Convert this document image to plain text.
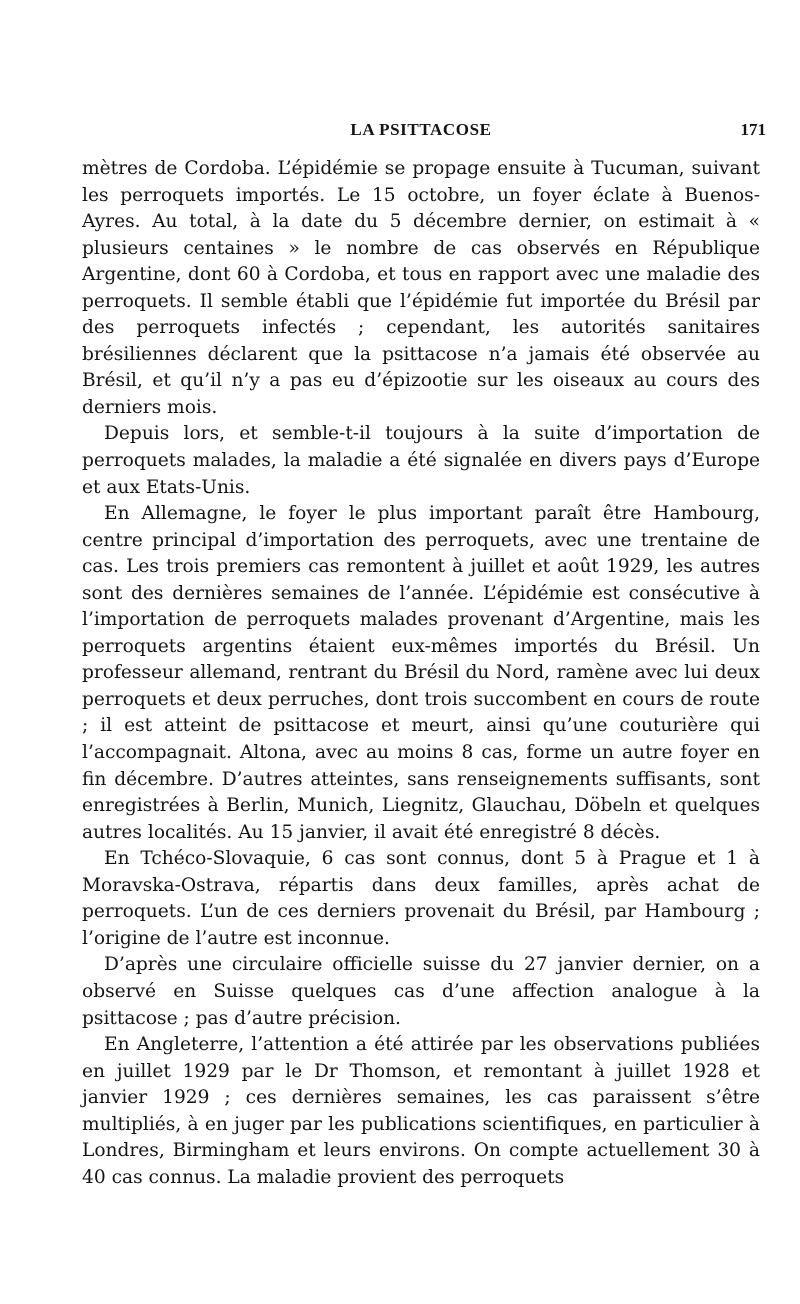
LA PSITTACOSE	171

mètres de Cordoba. L’épidémie se propage ensuite à Tucuman, suivant les perroquets importés. Le 15 octobre, un foyer éclate à Buenos-Ayres. Au total, à la date du 5 décembre dernier, on estimait à « plusieurs centaines » le nombre de cas observés en République Argentine, dont 60 à Cordoba, et tous en rapport avec une maladie des perroquets. Il semble établi que l’épidémie fut importée du Brésil par des perroquets infectés ; cependant, les autorités sanitaires brésiliennes déclarent que la psittacose n’a jamais été observée au Brésil, et qu’il n’y a pas eu d’épizootie sur les oiseaux au cours des derniers mois.

Depuis lors, et semble-t-il toujours à la suite d’importation de perroquets malades, la maladie a été signalée en divers pays d’Europe et aux Etats-Unis.

En Allemagne, le foyer le plus important paraît être Hambourg, centre principal d’importation des perroquets, avec une trentaine de cas. Les trois premiers cas remontent à juillet et août 1929, les autres sont des dernières semaines de l’année. L’épidémie est consécutive à l’importation de perroquets malades provenant d’Argentine, mais les perroquets argentins étaient eux-mêmes importés du Brésil. Un professeur allemand, rentrant du Brésil du Nord, ramène avec lui deux perroquets et deux perruches, dont trois succombent en cours de route ; il est atteint de psittacose et meurt, ainsi qu’une couturière qui l’accompagnait. Altona, avec au moins 8 cas, forme un autre foyer en fin décembre. D’autres atteintes, sans renseignements suffisants, sont enregistrées à Berlin, Munich, Liegnitz, Glauchau, Döbeln et quelques autres localités. Au 15 janvier, il avait été enregistré 8 décès.

En Tchéco-Slovaquie, 6 cas sont connus, dont 5 à Prague et 1 à Moravska-Ostrava, répartis dans deux familles, après achat de perroquets. L’un de ces derniers provenait du Brésil, par Hambourg ; l’origine de l’autre est inconnue.

D’après une circulaire officielle suisse du 27 janvier dernier, on a observé en Suisse quelques cas d’une affection analogue à la psittacose ; pas d’autre précision.

En Angleterre, l’attention a été attirée par les observations publiées en juillet 1929 par le Dr Thomson, et remontant à juillet 1928 et janvier 1929 ; ces dernières semaines, les cas paraissent s’être multipliés, à en juger par les publications scientifiques, en particulier à Londres, Birmingham et leurs environs. On compte actuellement 30 à 40 cas connus. La maladie provient des perroquets
